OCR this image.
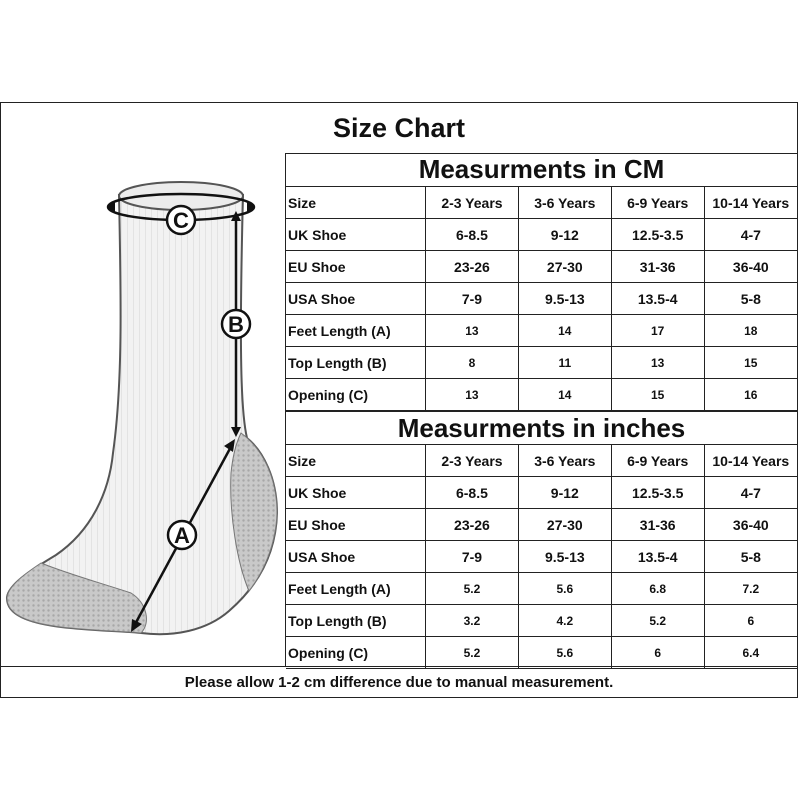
Size Chart
C
B
A
Measurments in CM
Size	2-3 Years	3-6 Years	6-9 Years	10-14 Years
UK Shoe	6-8.5	9-12	12.5-3.5	4-7
EU Shoe	23-26	27-30	31-36	36-40
USA Shoe	7-9	9.5-13	13.5-4	5-8
Feet Length (A)	13	14	17	18
Top Length (B)	8	11	13	15
Opening (C)	13	14	15	16
Measurments in inches
Size	2-3 Years	3-6 Years	6-9 Years	10-14 Years
UK Shoe	6-8.5	9-12	12.5-3.5	4-7
EU Shoe	23-26	27-30	31-36	36-40
USA Shoe	7-9	9.5-13	13.5-4	5-8
Feet Length (A)	5.2	5.6	6.8	7.2
Top Length (B)	3.2	4.2	5.2	6
Opening (C)	5.2	5.6	6	6.4
Please allow 1-2 cm difference due to manual measurement.
